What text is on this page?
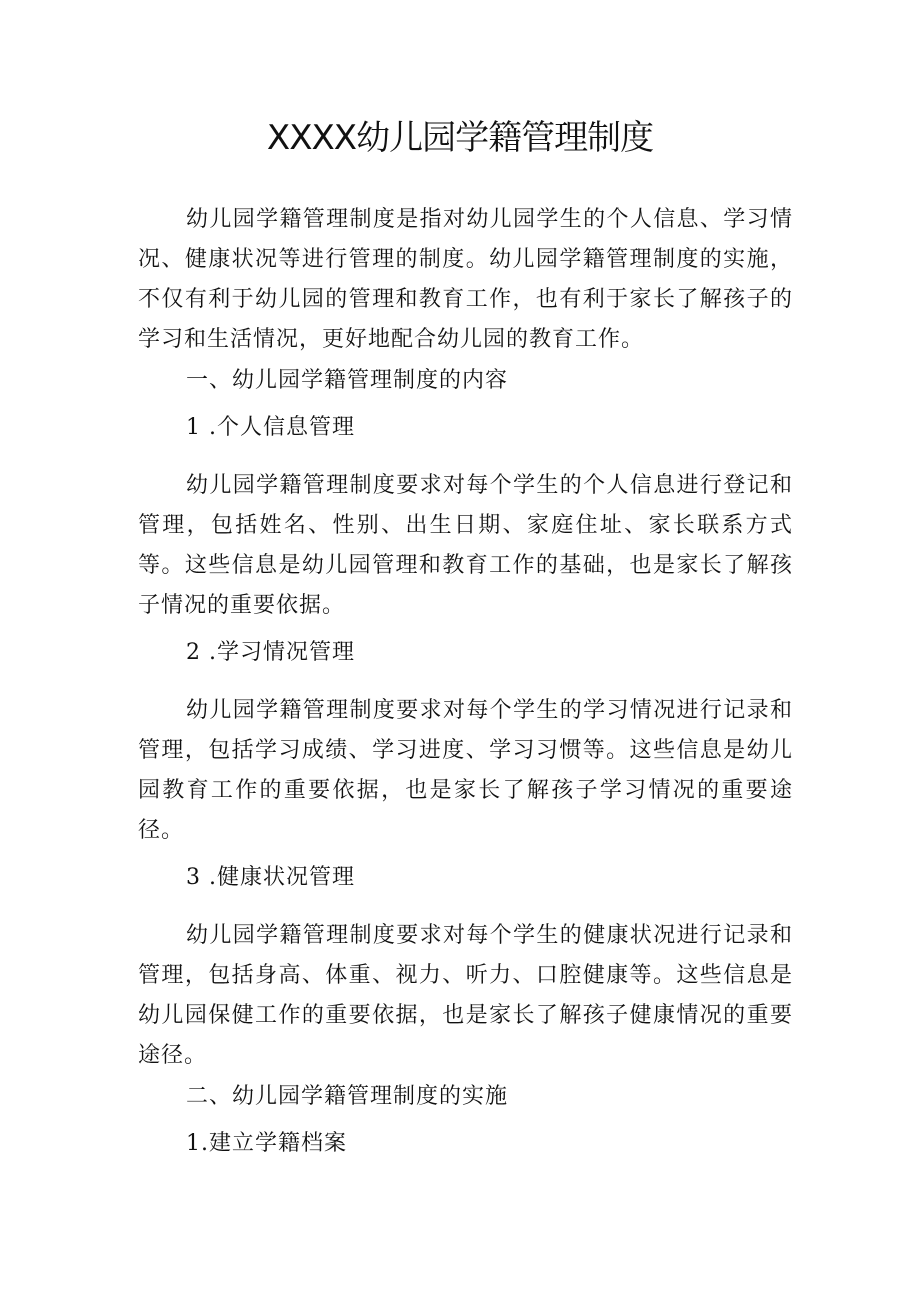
XXXX幼儿园学籍管理制度

幼儿园学籍管理制度是指对幼儿园学生的个人信息、学习情况、健康状况等进行管理的制度。幼儿园学籍管理制度的实施，不仅有利于幼儿园的管理和教育工作，也有利于家长了解孩子的学习和生活情况，更好地配合幼儿园的教育工作。

一、幼儿园学籍管理制度的内容
1 .个人信息管理

幼儿园学籍管理制度要求对每个学生的个人信息进行登记和管理，包括姓名、性别、出生日期、家庭住址、家长联系方式等。这些信息是幼儿园管理和教育工作的基础，也是家长了解孩子情况的重要依据。

2 .学习情况管理

幼儿园学籍管理制度要求对每个学生的学习情况进行记录和管理，包括学习成绩、学习进度、学习习惯等。这些信息是幼儿园教育工作的重要依据，也是家长了解孩子学习情况的重要途径。

3 .健康状况管理

幼儿园学籍管理制度要求对每个学生的健康状况进行记录和管理，包括身高、体重、视力、听力、口腔健康等。这些信息是幼儿园保健工作的重要依据，也是家长了解孩子健康情况的重要途径。

二、幼儿园学籍管理制度的实施
1.建立学籍档案
